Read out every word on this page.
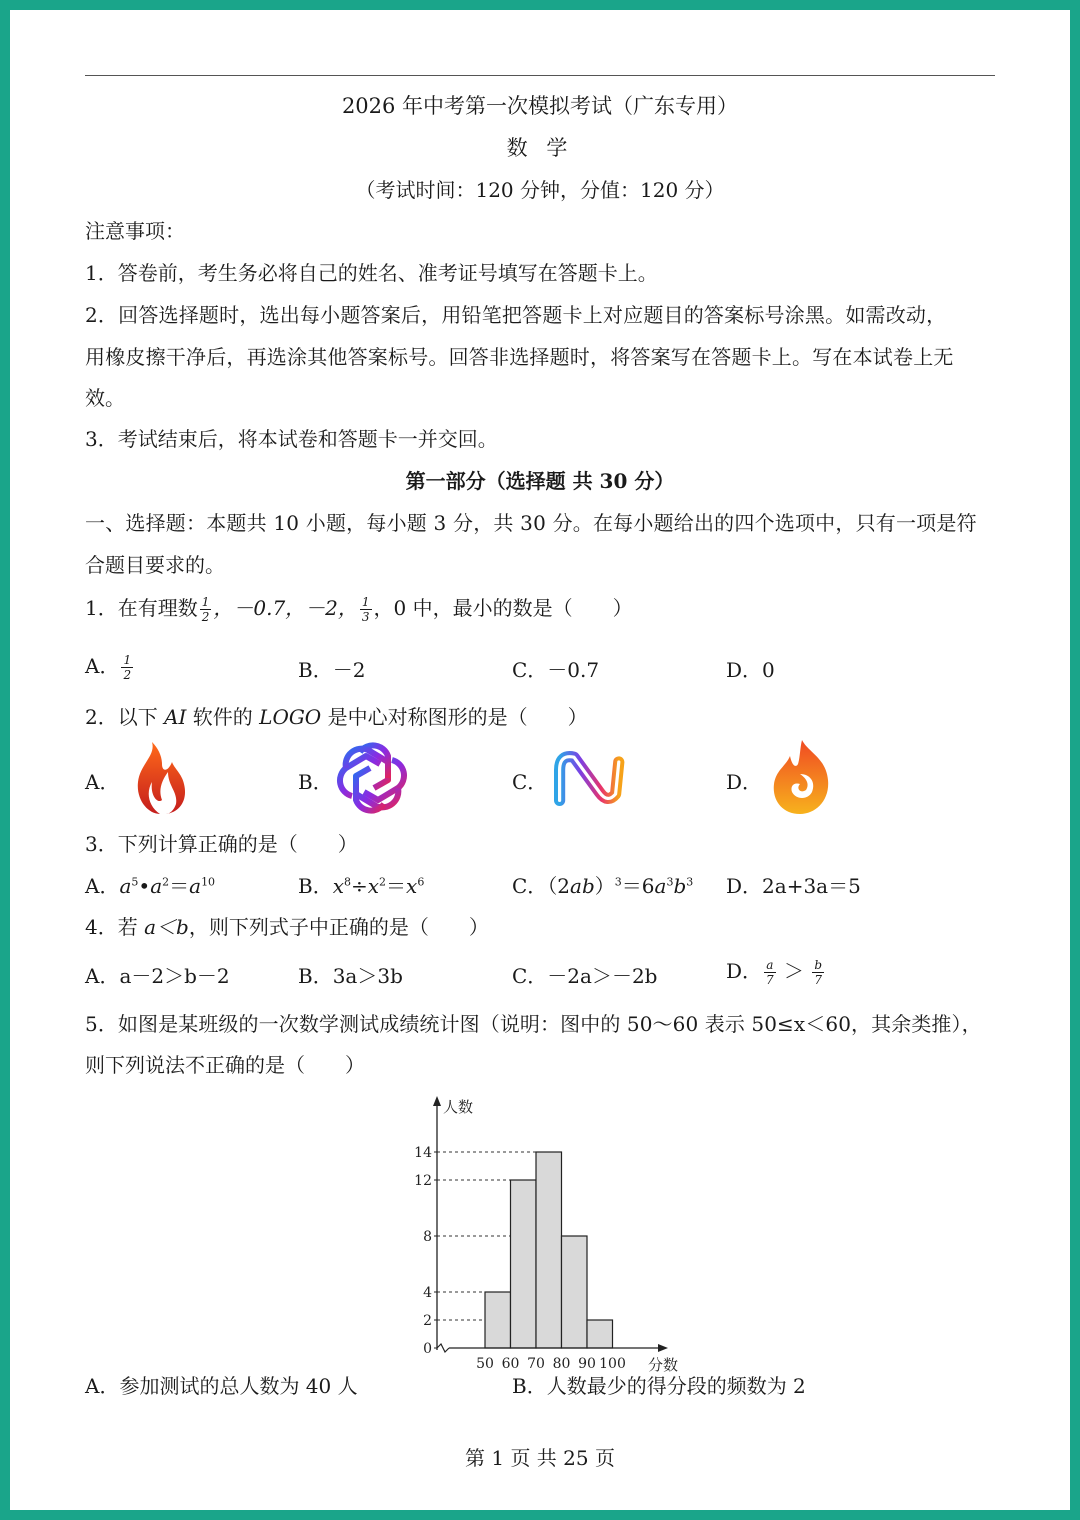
2026 年中考第一次模拟考试（广东专用）
数 学
（考试时间：120 分钟，分值：120 分）
注意事项：
1．答卷前，考生务必将自己的姓名、准考证号填写在答题卡上。
2．回答选择题时，选出每小题答案后，用铅笔把答题卡上对应题目的答案标号涂黑。如需改动，
用橡皮擦干净后，再选涂其他答案标号。回答非选择题时，将答案写在答题卡上。写在本试卷上无
效。
3．考试结束后，将本试卷和答题卡一并交回。
第一部分（选择题 共 30 分）
一、选择题：本题共 10 小题，每小题 3 分，共 30 分。在每小题给出的四个选项中，只有一项是符
合题目要求的。
1．在有理数 $\frac{1}{2}$ ，－0.7，－2， $\frac{1}{3}$ ，0 中，最小的数是（　　）
A． $\frac{1}{2}$	B．－2	C．－0.7	D．0
2．以下 AI 软件的 LOGO 是中心对称图形的是（　　）
A．	B．	C．	D．
3．下列计算正确的是（　　）
A．$a^5•a^2=a^{10}$	B．$x^8\div x^2=x^6$	C．$(2ab)^3=6a^3b^3$ D．2a+3a＝5
4．若 a＜b，则下列式子中正确的是（　　）
A．a－2＞b－2	B．3a＞3b	C．－2a＞－2b	D． $\frac{a}{7} > \frac{b}{7}$
5．如图是某班级的一次数学测试成绩统计图（说明：图中的 50～60 表示 50≤x＜60，其余类推），
则下列说法不正确的是（　　）
0
2
4
8
12
14
50 60 70 80 90 100
人数
分数
A．参加测试的总人数为 40 人	B．人数最少的得分段的频数为 2
第 1 页 共 25 页
